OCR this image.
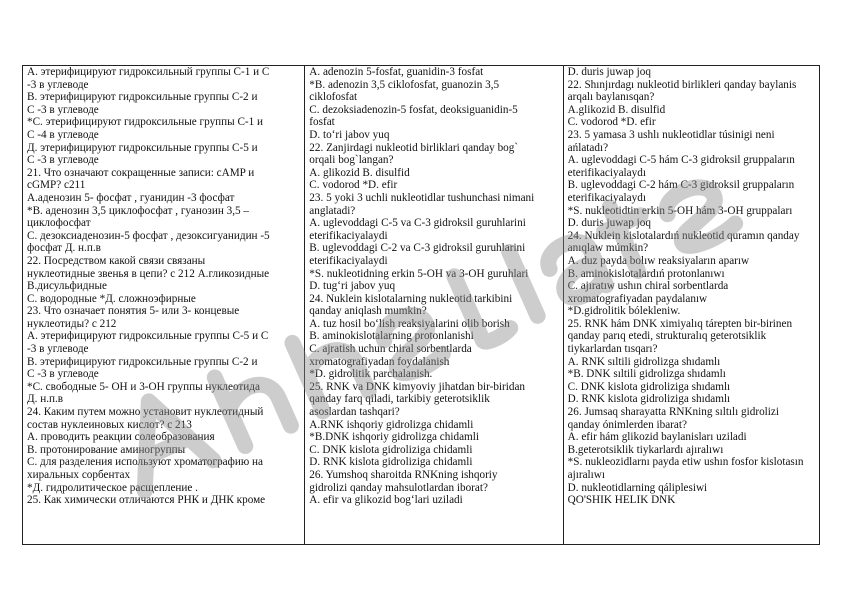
А. этерифицируют гидроксильный группы С-1 и С
-3 в углеводе
В. этерифицируют гидроксильные группы С-2 и
С -3 в углеводе
*С. этерифицируют гидроксильные группы С-1 и
С -4 в углеводе
Д. этерифицируют гидроксильные группы С-5 и
С -3 в углеводе
21. Что означают сокращенные записи: cAMP и
cGMP? с211
А.аденозин 5- фосфат , гуанидин -3 фосфат
*В. аденозин 3,5 циклофосфат , гуанозин 3,5 –
циклофосфат
С. дезоксиаденозин-5 фосфат , дезоксигуанидин -5
фосфат Д. н.п.в
22. Посредством какой связи связаны
нуклеотидные звенья в цепи? с 212 А.гликозидные
В.дисульфидные
С. водородные *Д. сложноэфирные
23. Что означает понятия 5- или 3- концевые
нуклеотиды? с 212
А. этерифицируют гидроксильные группы С-5 и С
-3 в углеводе
В. этерифицируют гидроксильные группы С-2 и
С -3 в углеводе
*С. свободные 5- ОН и 3-ОН группы нуклеотида
Д. н.п.в
24. Каким путем можно установит нуклеотидный
состав нуклеиновых кислот? с 213
А. проводить реакции солеобразования
В. протонирование аминогруппы
С. для разделения используют хроматографию на
хиральных сорбентах
*Д. гидролитическое расщепление .
25. Как химически отличаются РНК и ДНК кроме
A. adenozin 5-fosfat, guanidin-3 fosfat
*B. adenozin 3,5 ciklofosfat, guanozin 3,5
ciklofosfat
C. dezoksiadenozin-5 fosfat, deoksiguanidin-5
fosfat
D. to‘ri jabov yuq
22. Zanjirdagi nukleotid birliklari qanday bog`
orqali bog`langan?
A. glikozid B. disulfid
C. vodorod *D. efir
23. 5 yoki 3 uchli nukleotidlar tushunchasi nimani
anglatadi?
A. uglevoddagi C-5 va C-3 gidroksil guruhlarini
eterifikaciyalaydi
B. uglevoddagi C-2 va C-3 gidroksil guruhlarini
eterifikaciyalaydi
*S. nukleotidning erkin 5-OH va 3-OH guruhlari
D. tug‘ri jabov yuq
24. Nuklein kislotalarning nukleotid tarkibini
qanday aniqlash mumkin?
A. tuz hosil bo‘lish reaksiyalarini olib borish
B. aminokislotalarning protonlanishi
C. ajratish uchun chiral sorbentlarda
xromatografiyadan foydalanish
*D. gidrolitik parchalanish.
25. RNK va DNK kimyoviy jihatdan bir-biridan
qanday farq qiladi, tarkibiy geterotsiklik
asoslardan tashqari?
A.RNK ishqoriy gidrolizga chidamli
*B.DNK ishqoriy gidrolizga chidamli
C. DNK kislota gidroliziga chidamli
D. RNK kislota gidroliziga chidamli
26. Yumshoq sharoitda RNKning ishqoriy
gidrolizi qanday mahsulotlardan iborat?
A. efir va glikozid bog‘lari uziladi
D. duris juwap joq
22. Shınjırdagı nukleotid birlikleri qanday baylanis
arqalı baylanısqan?
A.glikozid B. disulfid
C. vodorod *D. efir
23. 5 yamasa 3 ushlı nukleotidlar túsinigi neni
ańlatadı?
A. uglevoddagi C-5 hám C-3 gidroksil gruppaların
eterifikaciyalaydı
B. uglevoddagi C-2 hám C-3 gidroksil gruppaların
eterifikaciyalaydı
*S. nukleotidtin erkin 5-OH hám 3-OH gruppaları
D. duris juwap joq
24. Nuklein kislotalardıń nukleotid quramın qanday
anıqlaw múmkin?
A. duz payda bolıw reaksiyaların aparıw
B. aminokislotalardıń protonlanıwı
C. ajıratıw ushın chiral sorbentlarda
xromatografiyadan paydalanıw
*D.gidrolitik bólekleniw.
25. RNK hám DNK ximiyalıq tárepten bir-birinen
qanday parıq etedi, strukturalıq geterotsiklik
tiykarlardan tısqarı?
A. RNK sıltili gidrolizga shıdamlı
*B. DNK sıltili gidrolizga shıdamlı
C. DNK kislota gidroliziga shıdamlı
D. RNK kislota gidroliziga shıdamlı
26. Jumsaq sharayatta RNKning sıltılı gidrolizi
qanday ónimlerden ibarat?
A. efir hám glikozid baylanisları uziladi
B.geterotsiklik tiykarlardı ajıralıwı
*S. nukleozidlarnı payda etiw ushın fosfor kislotasın
ajıralıwı
D. nukleotidlarning qáliplesiwi
QO'SHIK HELIK DNK
